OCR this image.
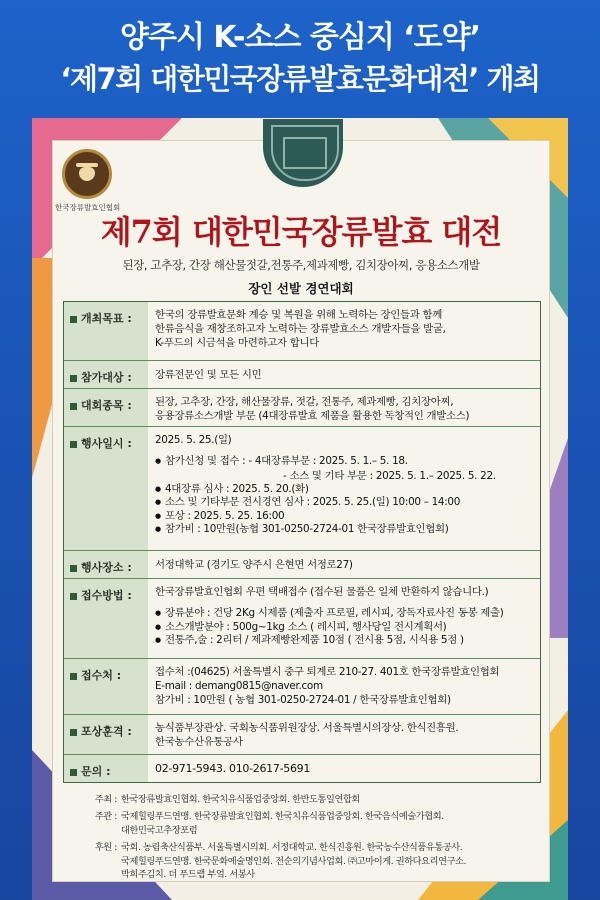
양주시 K-소스 중심지 ‘도약’
‘제7회 대한민국장류발효문화대전’ 개최
한국장류발효인협회
제7회 대한민국장류발효 대전
된장, 고추장, 간장 해산물젓갈,전통주,제과제빵, 김치장아찌, 응용소스개발
장인 선발 경연대회
개최목표 :	한국의 장류발효문화 계승 및 복원을 위해 노력하는 장인들과 함께

한류음식을 재창조하고자 노력하는 장류발효소스 개발자들을 발굴,

K-푸드의 시금석을 마련하고자 합니다

참가대상 :	장류전문인 및 모든 시민

대회종목 :	된장, 고추장, 간장, 해산물장류, 젓갈, 전통주, 제과제빵, 김치장아찌,

응용장류소스개발 부문 (4대장류발효 제품을 활용한 독창적인 개발소스)

행사일시 :	2025. 5. 25.(일)

● 참가신청 및 접수 : - 4대장류부문 : 2025. 5. 1.– 5. 18.
- 소스 및 기타 부문 : 2025. 5. 1.– 2025. 5. 22.
● 4대장류 심사 : 2025. 5. 20.(화)
● 소스 및 기타부문 전시경연 심사 : 2025. 5. 25.(일) 10:00 – 14:00
● 포상 : 2025. 5. 25. 16:00
● 참가비 : 10만원(농협 301-0250-2724-01 한국장류발효인협회)
행사장소 :	서정대학교 (경기도 양주시 은현면 서정로27)

접수방법 :	한국장류발효인협회 우편 택배접수 (접수된 물품은 일체 반환하지 않습니다.)

● 장류분야 : 건당 2Kg 시제품 (제출자 프로필, 레시피, 장독자료사진 동봉 제출)
● 소스개발분야 : 500g~1kg 소스 ( 레시피, 행사당일 전시계획서)
● 전통주,술 : 2리터 / 제과제빵완제품 10점 ( 전시용 5점, 시식용 5점 )
접수처 :	접수처 :(04625) 서울특별시 중구 퇴계로 210-27. 401호 한국장류발효인협회

E-mail : demang0815@naver.com

참가비 : 10만원 ( 농협 301-0250-2724-01 / 한국장류발효인협회)

포상훈격 :	농식품부장관상. 국회농식품위원장상. 서울특별시의장상. 한식진흥원.

한국농수산유통공사

문의 :	02-971-5943. 010-2617-5691

주최 : 한국장류발효인협회. 한국치유식품업중앙회. 한반도통일연합회
주관 : 국제힐링푸드연맹. 한국장류발효인협회. 한국치유식품업중앙회. 한국음식예술가협회.
대한민국고추장포럼
후원 : 국회. 농림축산식품부. 서울특별시의회. 서정대학교. 한식진흥원. 한국농수산식품유통공사.
국제힐링푸드연맹. 한국문화예술명인회. 전순의기념사업회. ㈜고마이게. 권하다요리연구소.
박희주김치. 더 푸드랩 부엌. 서봉사
